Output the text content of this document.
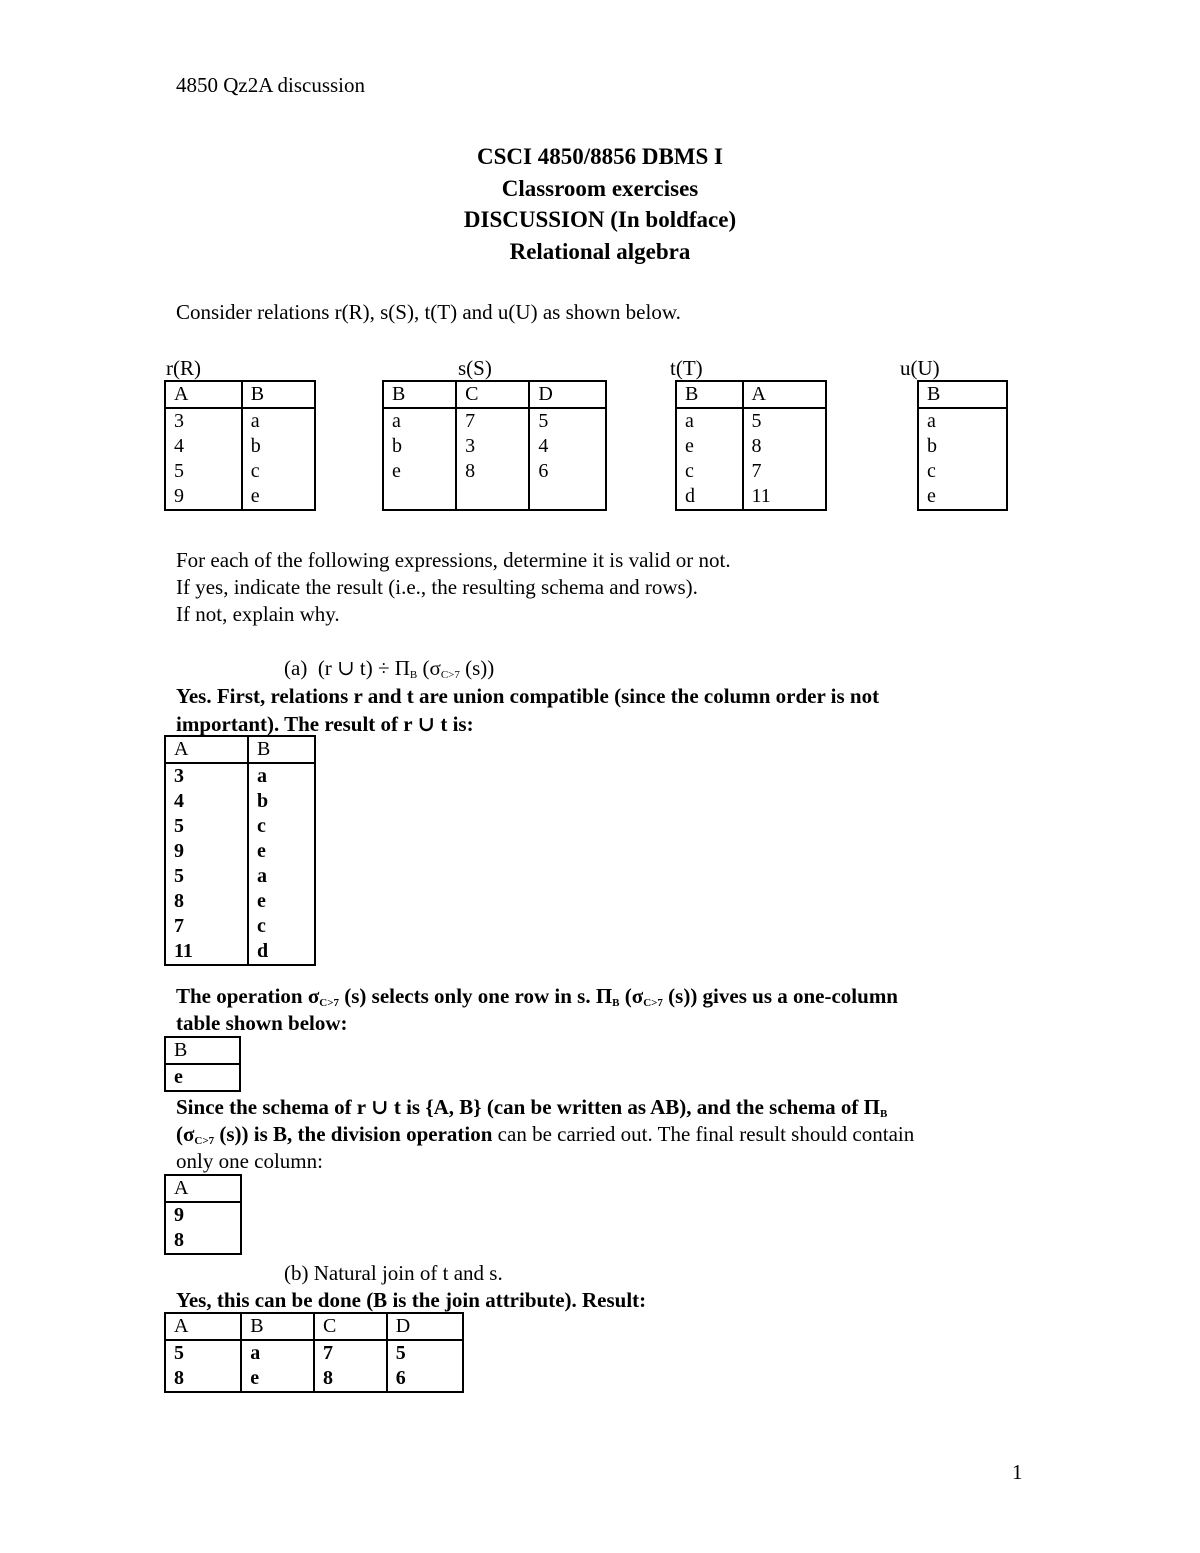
4850 Qz2A discussion
CSCI 4850/8856 DBMS I
Classroom exercises
DISCUSSION (In boldface)
Relational algebra
Consider relations r(R), s(S), t(T) and u(U) as shown below.
r(R)	s(S)	t(T)	u(U)
A	B
3	a
4	b
5	c
9	e
B	C	D
a	7	5
b	3	4
e	8	6

B	A
a	5
e	8
c	7
d	11
B
a
b
c
e
For each of the following expressions, determine it is valid or not.
If yes, indicate the result (i.e., the resulting schema and rows).
If not, explain why.
(a) (r ∪ $t) \div \Pi_B$ ($\sigma_{C>7}$ (s))
Yes. First, relations r and t are union compatible (since the column order is not
important). The result of r ∪ t is:
A	B
3	a
4	b
5	c
9	e
5	a
8	e
7	c
11	d
The operation $\sigma_{C>7}$ (s) selects only one row in s. $\Pi_B$ ($\sigma_{C>7}$ (s)) gives us a one-column
table shown below:
B
e
Since the schema of r ∪ t is {A, B} (can be written as AB), and the schema of $\Pi_B$
($\sigma_{C>7}$ (s)) is B, the division operation can be carried out. The final result should contain
only one column:
A
9
8
(b) Natural join of t and s.
Yes, this can be done (B is the join attribute). Result:
A	B	C	D
5	a	7	5
8	e	8	6
1
